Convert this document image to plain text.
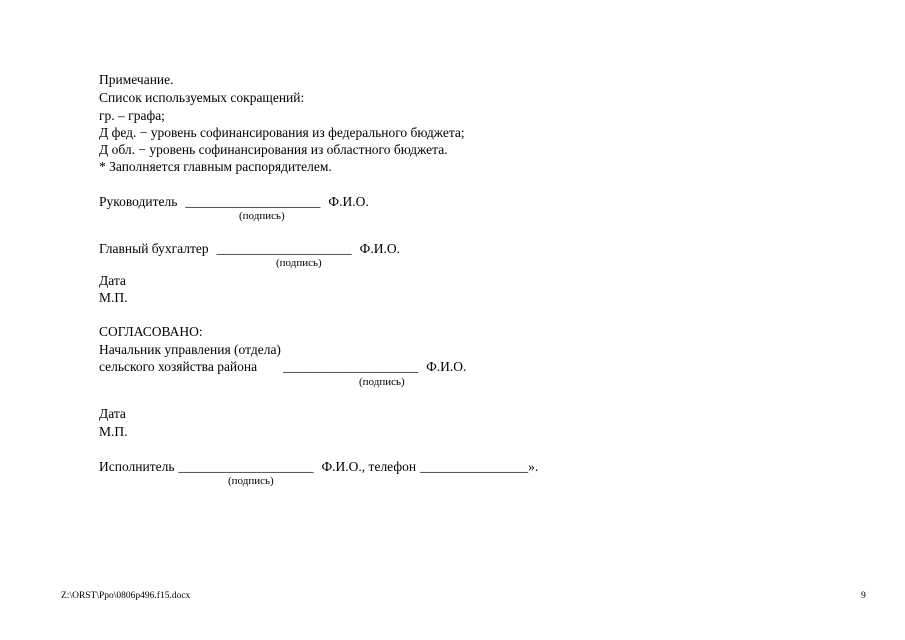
Примечание.

Список используемых сокращений:

гр. – графа;

Д фед. − уровень софинансирования из федерального бюджета;

Д обл. − уровень софинансирования из областного бюджета.

* Заполняется главным распорядителем.

Руководитель ____________________ Ф.И.О.

(подпись)

Главный бухгалтер ____________________ Ф.И.О.

(подпись)

Дата

М.П.

СОГЛАСОВАНО:

Начальник управления (отдела)

сельского хозяйства района ____________________ Ф.И.О.

(подпись)

Дата

М.П.

Исполнитель ____________________ Ф.И.О., телефон ________________».

(подпись)
Z:\ORST\Ppo\0806p496.f15.docx	9
